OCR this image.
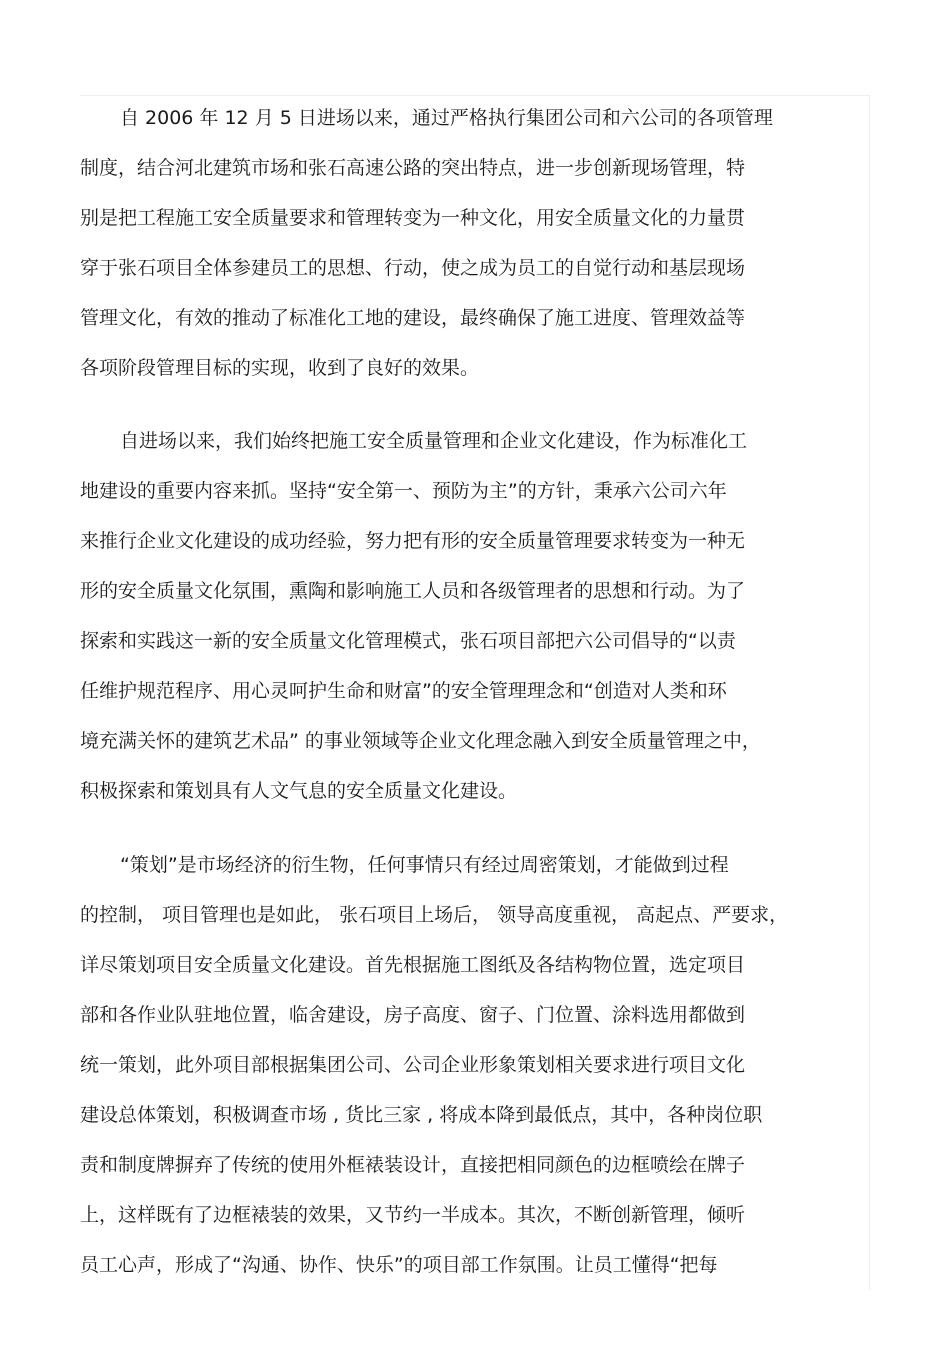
自 2006 年 12 月 5 日进场以来，通过严格执行集团公司和六公司的各项管理
制度，结合河北建筑市场和张石高速公路的突出特点，进一步创新现场管理，特
别是把工程施工安全质量要求和管理转变为一种文化，用安全质量文化的力量贯
穿于张石项目全体参建员工的思想、行动，使之成为员工的自觉行动和基层现场
管理文化，有效的推动了标准化工地的建设，最终确保了施工进度、管理效益等
各项阶段管理目标的实现，收到了良好的效果。
自进场以来，我们始终把施工安全质量管理和企业文化建设，作为标准化工
地建设的重要内容来抓。坚持“安全第一、预防为主”的方针，秉承六公司六年
来推行企业文化建设的成功经验，努力把有形的安全质量管理要求转变为一种无
形的安全质量文化氛围，熏陶和影响施工人员和各级管理者的思想和行动。为了
探索和实践这一新的安全质量文化管理模式，张石项目部把六公司倡导的“以责
任维护规范程序、用心灵呵护生命和财富”的安全管理理念和“创造对人类和环
境充满关怀的建筑艺术品” 的事业领域等企业文化理念融入到安全质量管理之中，
积极探索和策划具有人文气息的安全质量文化建设。
“策划”是市场经济的衍生物，任何事情只有经过周密策划，才能做到过程
的控制， 项目管理也是如此， 张石项目上场后， 领导高度重视， 高起点、严要求，
详尽策划项目安全质量文化建设。首先根据施工图纸及各结构物位置，选定项目
部和各作业队驻地位置，临舍建设，房子高度、窗子、门位置、涂料选用都做到
统一策划，此外项目部根据集团公司、公司企业形象策划相关要求进行项目文化
建设总体策划，积极调查市场 , 货比三家 , 将成本降到最低点，其中，各种岗位职
责和制度牌摒弃了传统的使用外框裱装设计，直接把相同颜色的边框喷绘在牌子
上，这样既有了边框裱装的效果，又节约一半成本。其次，不断创新管理，倾听
员工心声，形成了“沟通、协作、快乐”的项目部工作氛围。让员工懂得“把每
